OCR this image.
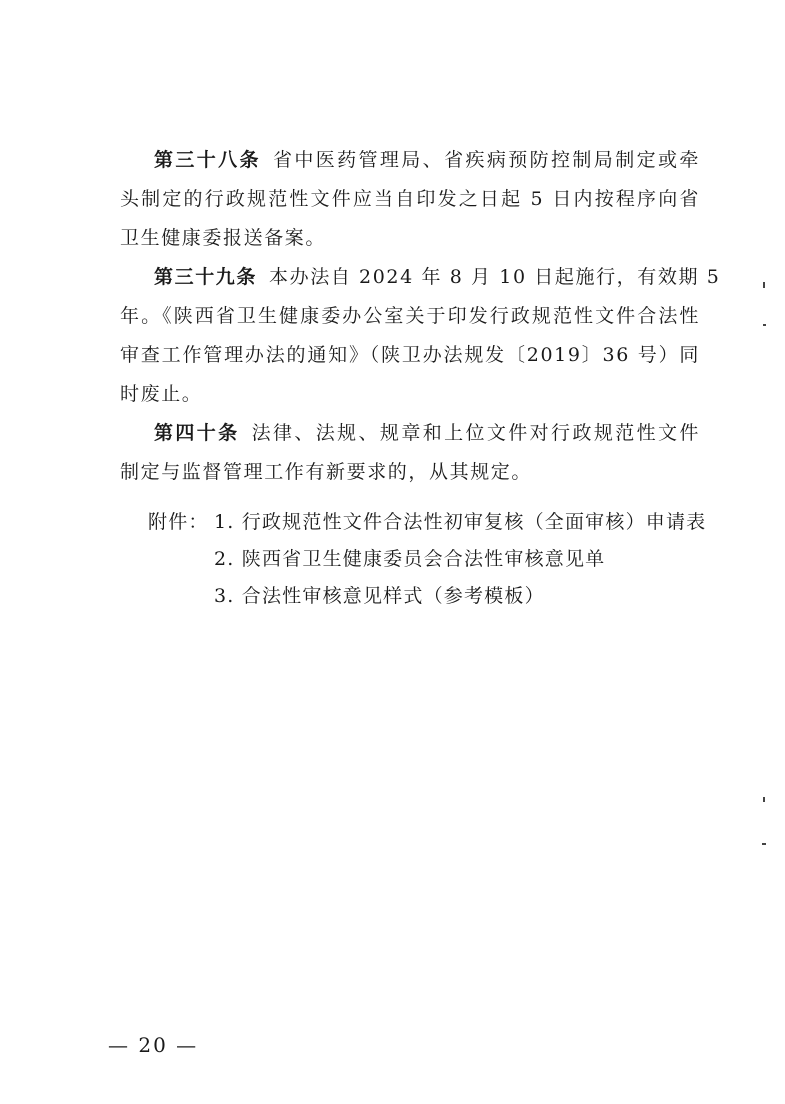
第三十八条 省中医药管理局、省疾病预防控制局制定或牵
头制定的行政规范性文件应当自印发之日起 5 日内按程序向省
卫生健康委报送备案。
第三十九条 本办法自 2024 年 8 月 10 日起施行，有效期 5
年。《陕西省卫生健康委办公室关于印发行政规范性文件合法性
审查工作管理办法的通知》（陕卫办法规发〔2019〕36 号）同
时废止。
第四十条 法律、法规、规章和上位文件对行政规范性文件
制定与监督管理工作有新要求的，从其规定。
附件： 1. 行政规范性文件合法性初审复核（全面审核）申请表
2. 陕西省卫生健康委员会合法性审核意见单
3. 合法性审核意见样式（参考模板）
— 20 —
